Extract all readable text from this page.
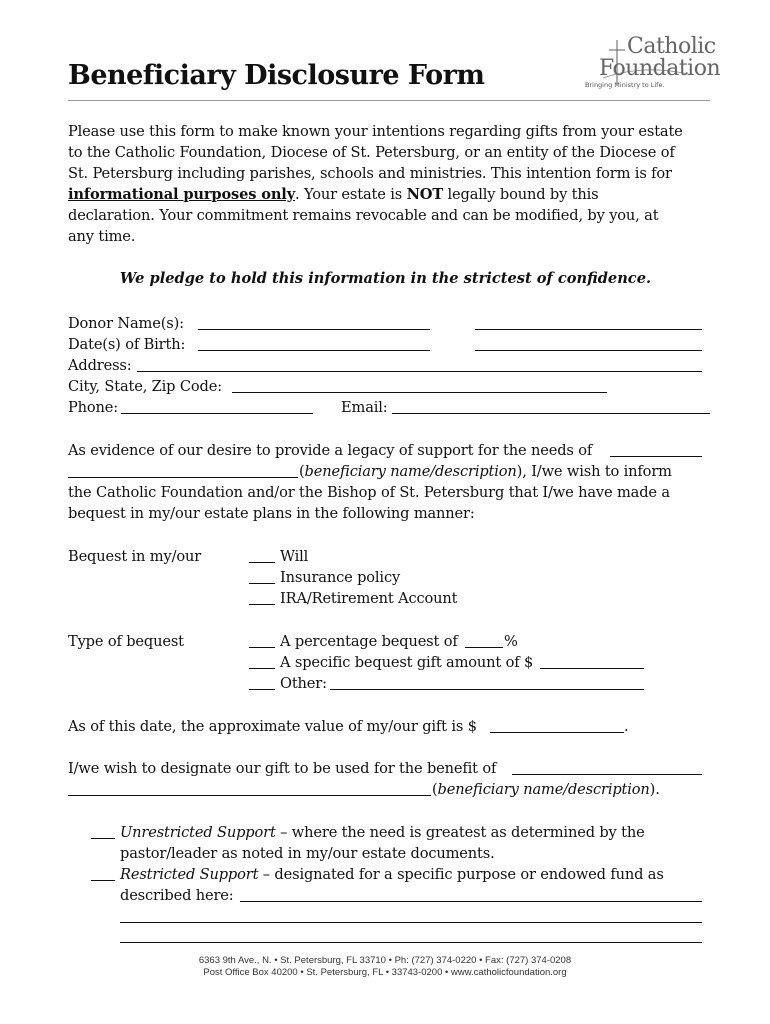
Beneficiary Disclosure Form
Catholic
Foundation
Bringing Ministry to Life.
Please use this form to make known your intentions regarding gifts from your estate
to the Catholic Foundation, Diocese of St. Petersburg, or an entity of the Diocese of
St. Petersburg including parishes, schools and ministries. This intention form is for
informational purposes only. Your estate is NOT legally bound by this
declaration. Your commitment remains revocable and can be modified, by you, at
any time.
We pledge to hold this information in the strictest of confidence.
Donor Name(s):
Date(s) of Birth:
Address:
City, State, Zip Code:
Phone:	Email:
As evidence of our desire to provide a legacy of support for the needs of
(beneficiary name/description), I/we wish to inform
the Catholic Foundation and/or the Bishop of St. Petersburg that I/we have made a
bequest in my/our estate plans in the following manner:
Bequest in my/our	Will
Insurance policy
IRA/Retirement Account
Type of bequest	A percentage bequest of	%
A specific bequest gift amount of $
Other:
As of this date, the approximate value of my/our gift is $	.
I/we wish to designate our gift to be used for the benefit of
(beneficiary name/description).
Unrestricted Support – where the need is greatest as determined by the
pastor/leader as noted in my/our estate documents.
Restricted Support – designated for a specific purpose or endowed fund as
described here:
6363 9th Ave., N. • St. Petersburg, FL 33710 • Ph: (727) 374-0220 • Fax: (727) 374-0208
Post Office Box 40200 • St. Petersburg, FL • 33743-0200 • www.catholicfoundation.org
